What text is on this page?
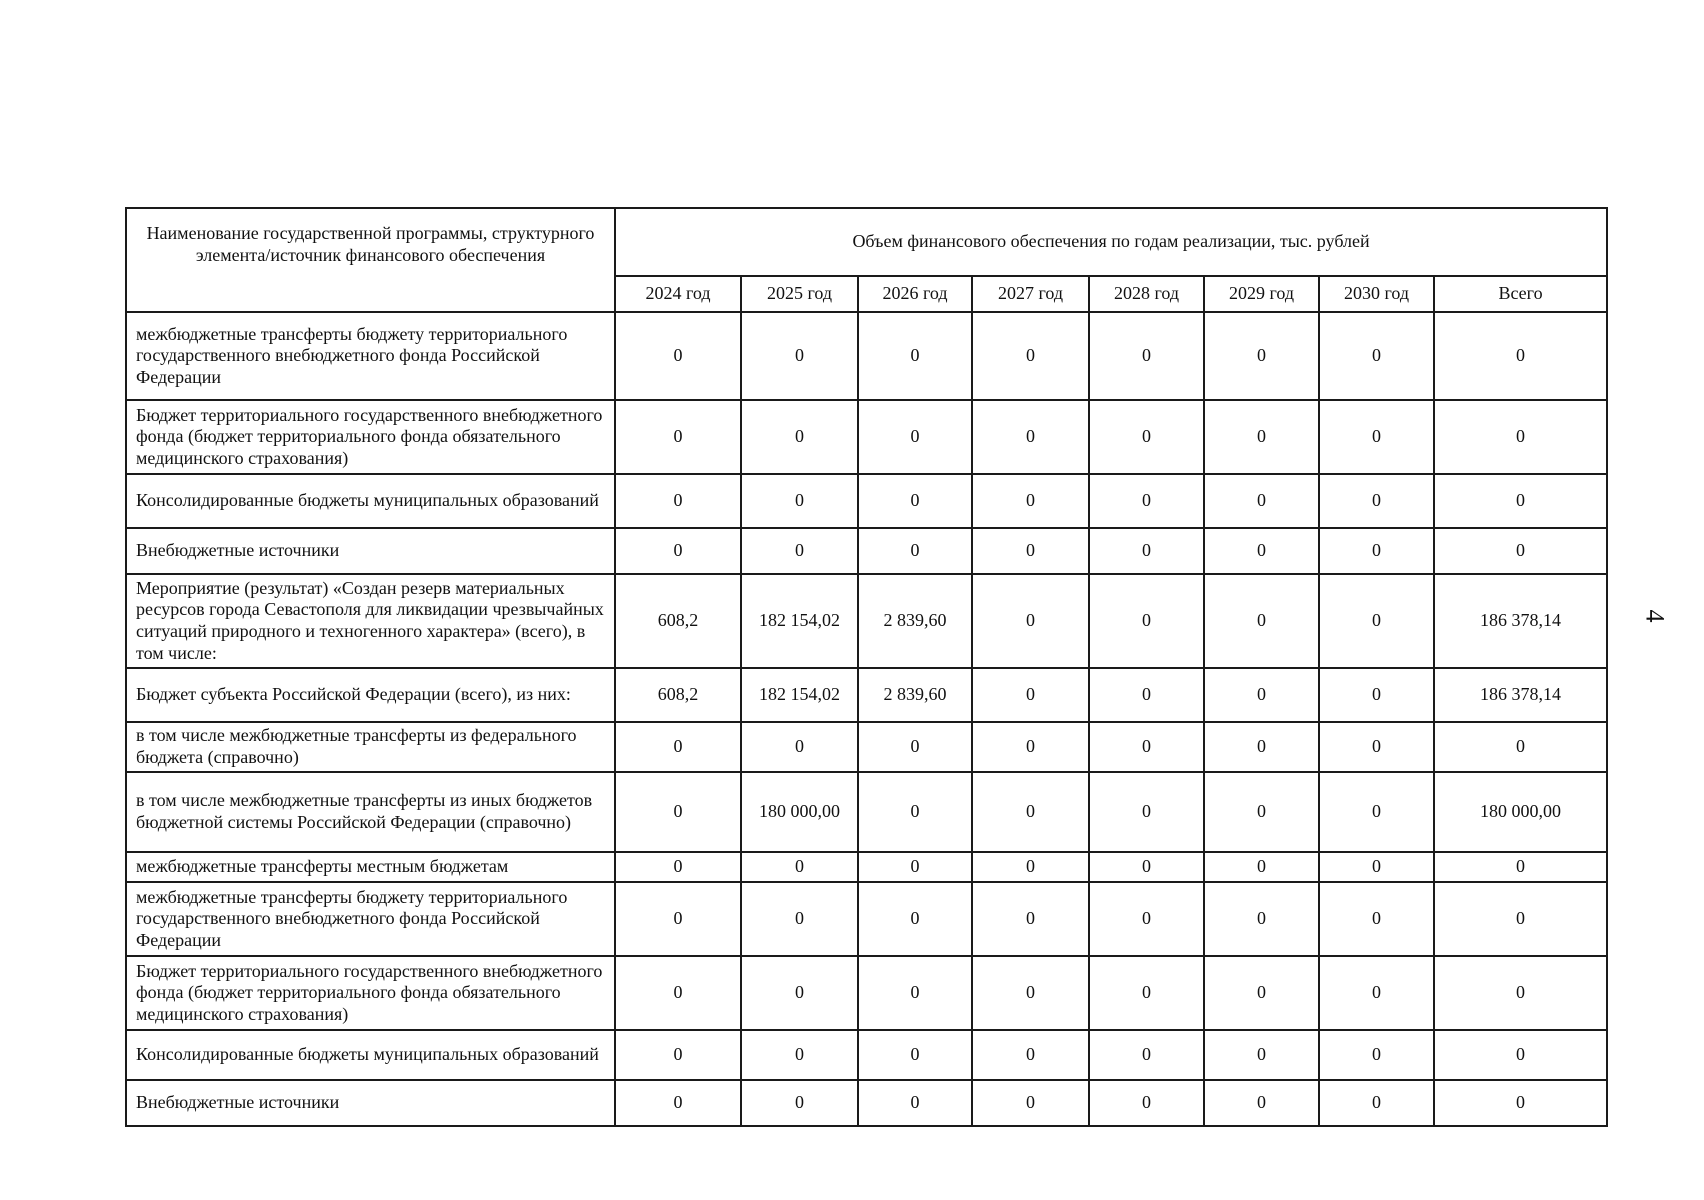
Наименование государственной программы, структурного элемента/источник финансового обеспечения	Объем финансового обеспечения по годам реализации, тыс. рублей							
	2024 год	2025 год	2026 год	2027 год	2028 год	2029 год	2030 год	Всего
межбюджетные трансферты бюджету территориального государственного внебюджетного фонда Российской Федерации	0	0	0	0	0	0	0	0
Бюджет территориального государственного внебюджетного фонда (бюджет территориального фонда обязательного медицинского страхования)	0	0	0	0	0	0	0	0
Консолидированные бюджеты муниципальных образований	0	0	0	0	0	0	0	0
Внебюджетные источники	0	0	0	0	0	0	0	0
Мероприятие (результат) «Создан резерв материальных ресурсов города Севастополя для ликвидации чрезвычайных ситуаций природного и техногенного характера» (всего), в том числе:	608,2	182 154,02	2 839,60	0	0	0	0	186 378,14
Бюджет субъекта Российской Федерации (всего), из них:	608,2	182 154,02	2 839,60	0	0	0	0	186 378,14
в том числе межбюджетные трансферты из федерального бюджета (справочно)	0	0	0	0	0	0	0	0
в том числе межбюджетные трансферты из иных бюджетов бюджетной системы Российской Федерации (справочно)	0	180 000,00	0	0	0	0	0	180 000,00
межбюджетные трансферты местным бюджетам	0	0	0	0	0	0	0	0
межбюджетные трансферты бюджету территориального государственного внебюджетного фонда Российской Федерации	0	0	0	0	0	0	0	0
Бюджет территориального государственного внебюджетного фонда (бюджет территориального фонда обязательного медицинского страхования)	0	0	0	0	0	0	0	0
Консолидированные бюджеты муниципальных образований	0	0	0	0	0	0	0	0
Внебюджетные источники	0	0	0	0	0	0	0	0
4
